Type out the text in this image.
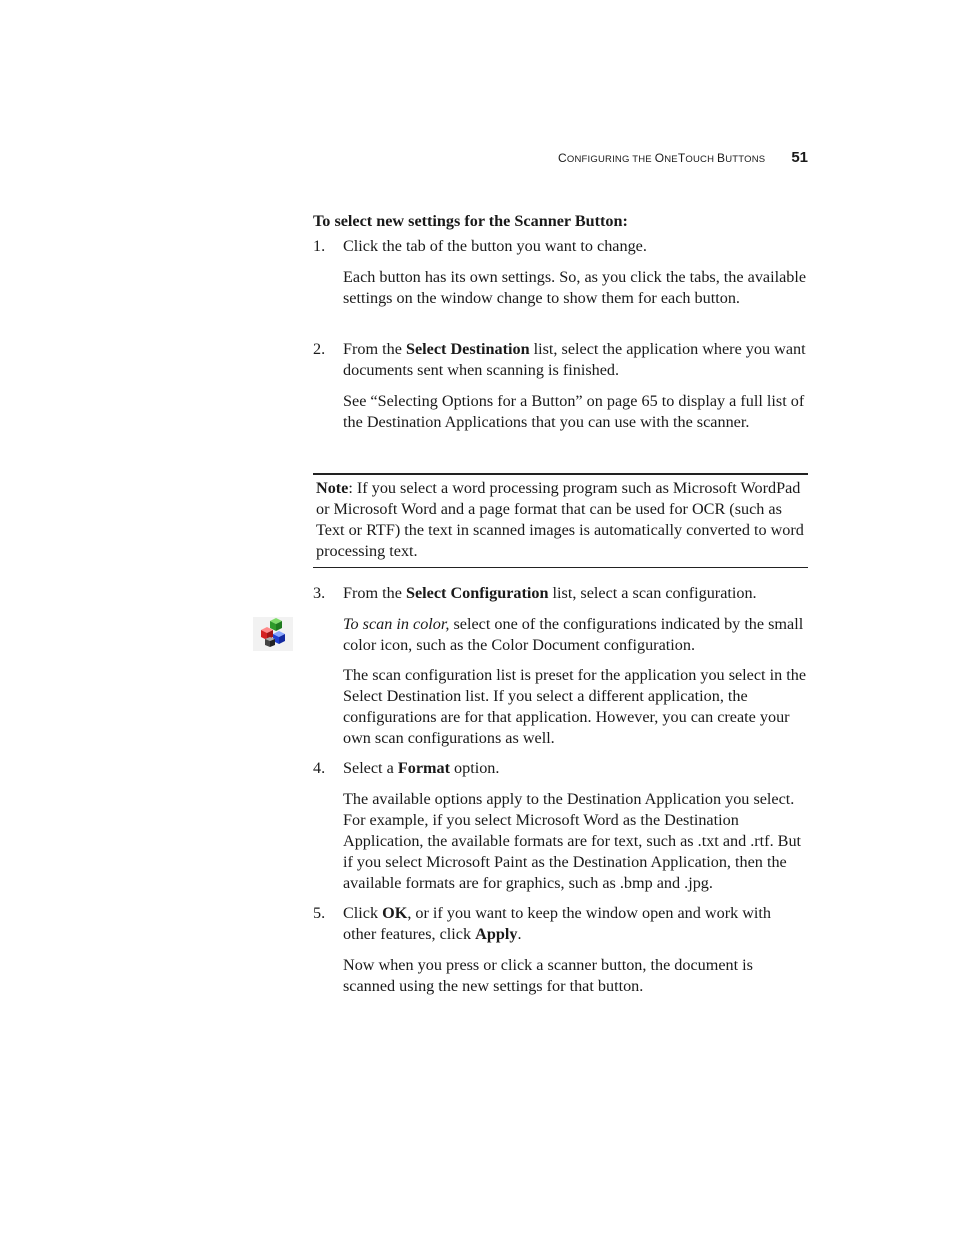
CONFIGURING THE ONETOUCH BUTTONS 51
To select new settings for the Scanner Button:
1.	Click the tab of the button you want to change.
Each button has its own settings. So, as you click the tabs, the available settings on the window change to show them for each button.
2.	From the Select Destination list, select the application where you want documents sent when scanning is finished.
See “Selecting Options for a Button” on page 65 to display a full list of the Destination Applications that you can use with the scanner.
Note: If you select a word processing program such as Microsoft WordPad or Microsoft Word and a page format that can be used for OCR (such as Text or RTF) the text in scanned images is automatically converted to word processing text.
3.	From the Select Configuration list, select a scan configuration.
To scan in color, select one of the configurations indicated by the small color icon, such as the Color Document configuration.
The scan configuration list is preset for the application you select in the Select Destination list. If you select a different application, the configurations are for that application. However, you can create your own scan configurations as well.
4.	Select a Format option.
The available options apply to the Destination Application you select. For example, if you select Microsoft Word as the Destination Application, the available formats are for text, such as .txt and .rtf. But if you select Microsoft Paint as the Destination Application, then the available formats are for graphics, such as .bmp and .jpg.
5.	Click OK, or if you want to keep the window open and work with other features, click Apply.
Now when you press or click a scanner button, the document is scanned using the new settings for that button.
